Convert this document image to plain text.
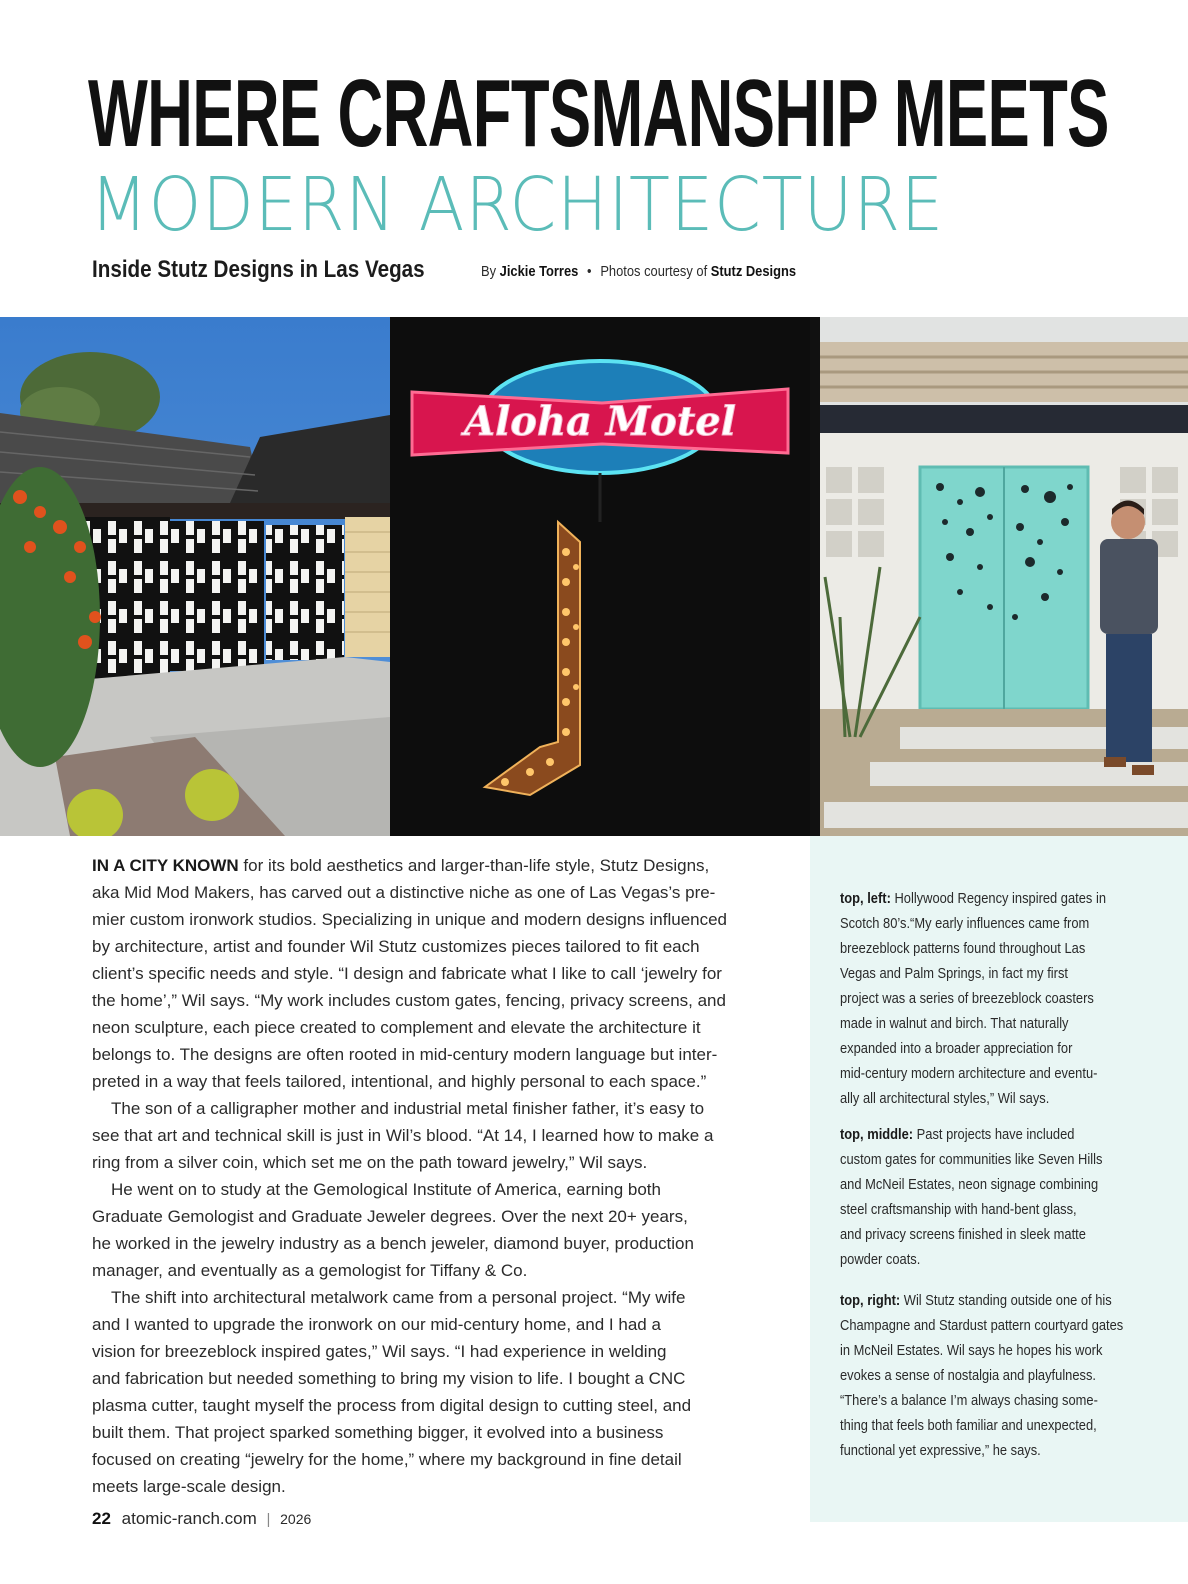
WHERE CRAFTSMANSHIP MEETS
MODERN ARCHITECTURE
Inside Stutz Designs in Las Vegas	By Jickie Torres • Photos courtesy of Stutz Designs
Aloha Motel

IN A CITY KNOWN for its bold aesthetics and larger-than-life style, Stutz Designs,
aka Mid Mod Makers, has carved out a distinctive niche as one of Las Vegas’s pre-
mier custom ironwork studios. Specializing in unique and modern designs influenced
by architecture, artist and founder Wil Stutz customizes pieces tailored to fit each
client’s specific needs and style. “I design and fabricate what I like to call ‘jewelry for
the home’,” Wil says. “My work includes custom gates, fencing, privacy screens, and
neon sculpture, each piece created to complement and elevate the architecture it
belongs to. The designs are often rooted in mid-century modern language but inter-
preted in a way that feels tailored, intentional, and highly personal to each space.”

The son of a calligrapher mother and industrial metal finisher father, it’s easy to
see that art and technical skill is just in Wil’s blood. “At 14, I learned how to make a
ring from a silver coin, which set me on the path toward jewelry,” Wil says.

He went on to study at the Gemological Institute of America, earning both
Graduate Gemologist and Graduate Jeweler degrees. Over the next 20+ years,
he worked in the jewelry industry as a bench jeweler, diamond buyer, production
manager, and eventually as a gemologist for Tiffany & Co.

The shift into architectural metalwork came from a personal project. “My wife
and I wanted to upgrade the ironwork on our mid-century home, and I had a
vision for breezeblock inspired gates,” Wil says. “I had experience in welding
and fabrication but needed something to bring my vision to life. I bought a CNC
plasma cutter, taught myself the process from digital design to cutting steel, and
built them. That project sparked something bigger, it evolved into a business
focused on creating “jewelry for the home,” where my background in fine detail
meets large-scale design.

top, left: Hollywood Regency inspired gates in
Scotch 80’s.“My early influences came from
breezeblock patterns found throughout Las
Vegas and Palm Springs, in fact my first
project was a series of breezeblock coasters
made in walnut and birch. That naturally
expanded into a broader appreciation for
mid-century modern architecture and eventu-
ally all architectural styles,” Wil says.
top, middle: Past projects have included
custom gates for communities like Seven Hills
and McNeil Estates, neon signage combining
steel craftsmanship with hand-bent glass,
and privacy screens finished in sleek matte
powder coats.
top, right: Wil Stutz standing outside one of his
Champagne and Stardust pattern courtyard gates
in McNeil Estates. Wil says he hopes his work
evokes a sense of nostalgia and playfulness.
“There’s a balance I’m always chasing some-
thing that feels both familiar and unexpected,
functional yet expressive,” he says.
22 atomic-ranch.com | 2026
